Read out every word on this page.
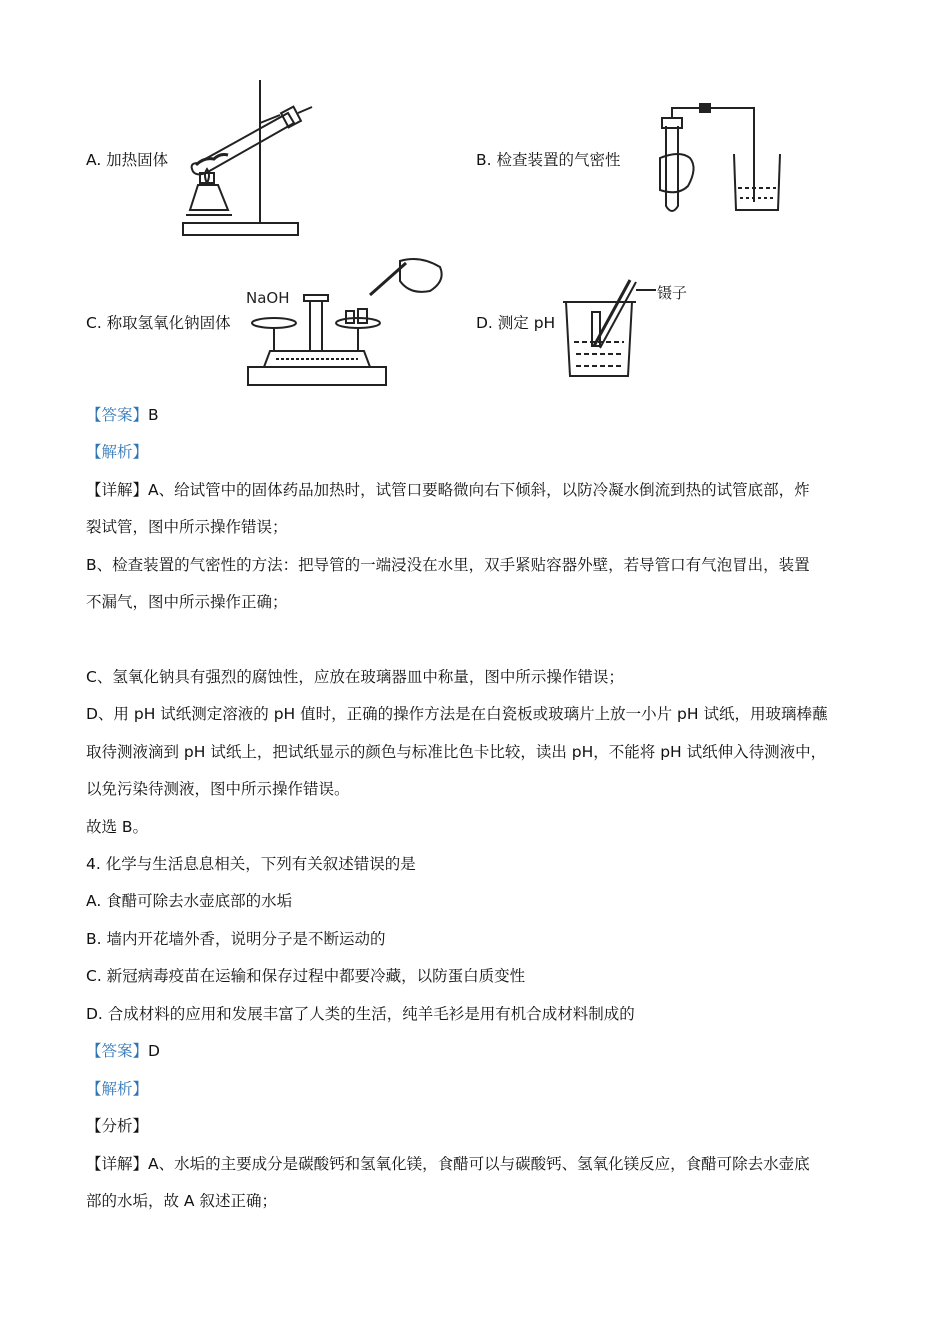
A. 加热固体	B. 检查装置的气密性
C. 称取氢氧化钠固体	D. 测定 pH
NaOH	镊子
【答案】B
【解析】
【详解】A、给试管中的固体药品加热时，试管口要略微向右下倾斜，以防冷凝水倒流到热的试管底部，炸
裂试管，图中所示操作错误；
B、检查装置的气密性的方法：把导管的一端浸没在水里，双手紧贴容器外壁，若导管口有气泡冒出，装置
不漏气，图中所示操作正确；
C、氢氧化钠具有强烈的腐蚀性，应放在玻璃器皿中称量，图中所示操作错误；
D、用 pH 试纸测定溶液的 pH 值时，正确的操作方法是在白瓷板或玻璃片上放一小片 pH 试纸，用玻璃棒蘸
取待测液滴到 pH 试纸上，把试纸显示的颜色与标准比色卡比较，读出 pH，不能将 pH 试纸伸入待测液中，
以免污染待测液，图中所示操作错误。
故选 B。
4. 化学与生活息息相关，下列有关叙述错误的是
A. 食醋可除去水壶底部的水垢
B. 墙内开花墙外香，说明分子是不断运动的
C. 新冠病毒疫苗在运输和保存过程中都要冷藏，以防蛋白质变性
D. 合成材料的应用和发展丰富了人类的生活，纯羊毛衫是用有机合成材料制成的
【答案】D
【解析】
【分析】
【详解】A、水垢的主要成分是碳酸钙和氢氧化镁，食醋可以与碳酸钙、氢氧化镁反应，食醋可除去水壶底
部的水垢，故 A 叙述正确；
